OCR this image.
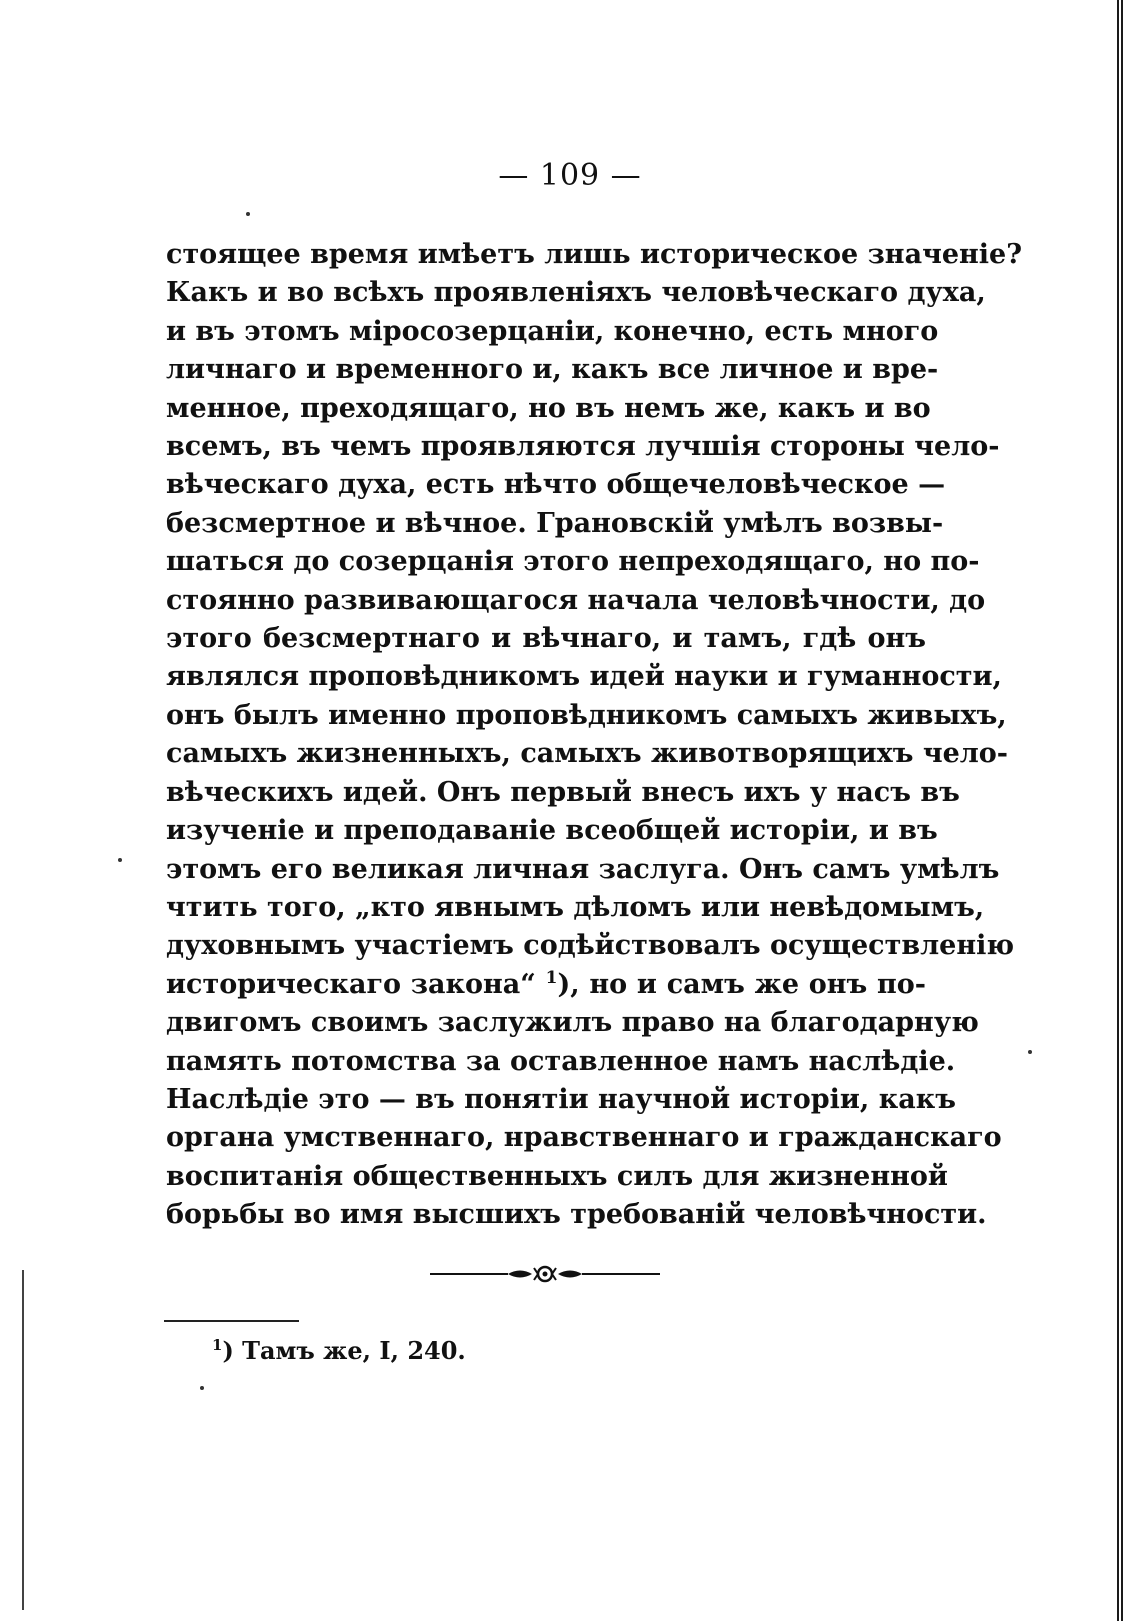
— 109 —
стоящее время имѣетъ лишь историческое значенie?
Какъ и во всѣхъ проявленiяхъ человѣческаго духа,
и въ этомъ мiросозерцанiи, конечно, есть много
личнаго и временного и, какъ все личное и вре-
менное, преходящаго, но въ немъ же, какъ и во
всемъ, въ чемъ проявляются лучшiя стороны чело-
вѣческаго духа, есть нѣчто общечеловѣческое —
безсмертное и вѣчное. Грановскiй умѣлъ возвы-
шаться до созерцанiя этого непреходящаго, но по-
стоянно развивающагося начала человѣчности, до
этого безсмертнаго и вѣчнаго, и тамъ, гдѣ онъ
являлся проповѣдникомъ идей науки и гуманности,
онъ былъ именно проповѣдникомъ самыхъ живыхъ,
самыхъ жизненныхъ, самыхъ животворящихъ чело-
вѣческихъ идей. Онъ первый внесъ ихъ у насъ въ
изученiе и преподаванiе всеобщей исторiи, и въ
этомъ его великая личная заслуга. Онъ самъ умѣлъ
чтить того, „кто явнымъ дѣломъ или невѣдомымъ,
духовнымъ участiемъ содѣйствовалъ осуществленiю
историческаго закона“ $^1$), но и самъ же онъ по-
двигомъ своимъ заслужилъ право на благодарную
память потомства за оставленное намъ наслѣдiе.
Наслѣдiе это — въ понятiи научной исторiи, какъ
органа умственнаго, нравственнаго и гражданскаго
воспитанiя общественныхъ силъ для жизненной
борьбы во имя высшихъ требованiй человѣчности.
$^1$) Тамъ же, I, 240.
